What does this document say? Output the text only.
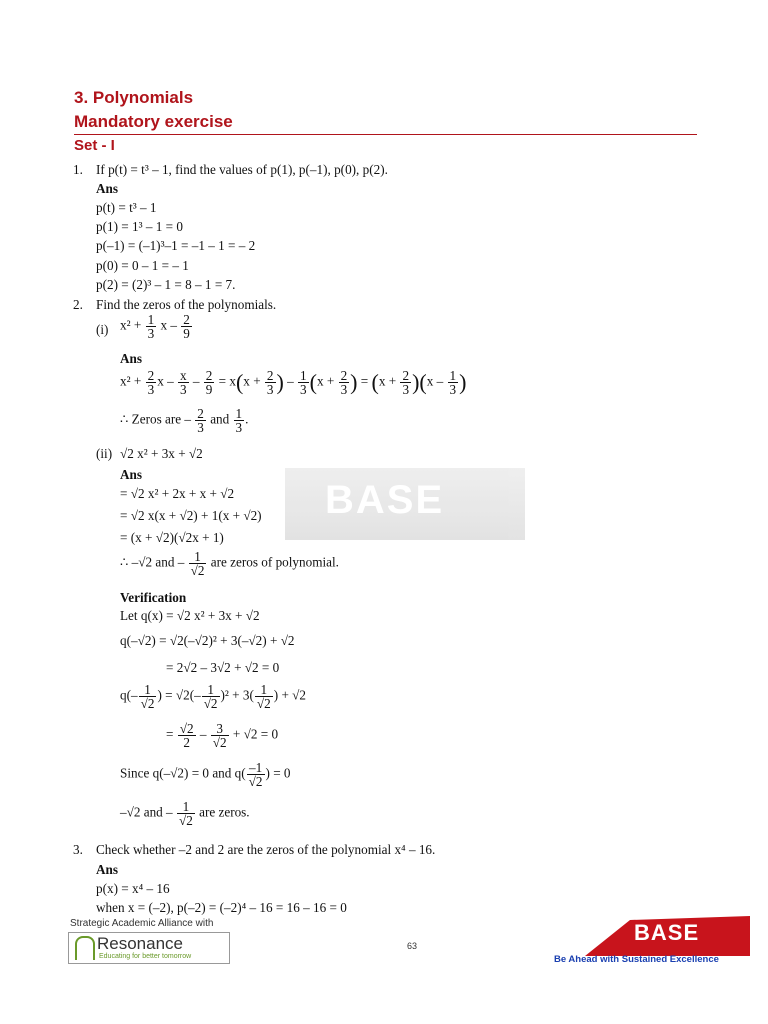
3. Polynomials
Mandatory exercise
Set - I
1. If p(t) = t³ – 1, find the values of p(1), p(–1), p(0), p(2).
Ans
p(t) = t³ – 1
p(1) = 1³ – 1 = 0
p(–1) = (–1)³–1 = –1 – 1 = – 2
p(0) = 0 – 1 = – 1
p(2) = (2)³ – 1 = 8 – 1 = 7.
2. Find the zeros of the polynomials.
(i) $x^2 + \frac{1}{3}$ x – $\frac{2}{9}$
Ans
$x^2 + \frac{2}{3}$ $x - \frac{x}{3} - \frac{2}{9} = x(x + \frac{2}{3}$ ) – $\frac{1}{3} (x + \frac{2}{3}$ ) = $(x + \frac{2}{3} )(x - \frac{1}{3}$ )
∴ Zeros are – $\frac{2}{3}$ and $\frac{1}{3}$ .
(ii) √2 x² + 3x + √2
Ans
BASE
= √2 x² + 2x + x + √2
= √2 x(x + √2) + 1(x + √2)
= (x + √2)(√2x + 1)
∴ –√2 and – $\frac{1}{√2}$ are zeros of polynomial.
Verification
Let q(x) = √2 x² + 3x + √2
q(–√2) = √2(–√2)² + 3(–√2) + √2
= 2√2 – 3√2 + √2 = 0
$q(- \frac{1}{√2}$ ) = $√2(- \frac{1}{√2} )^2 + 3( \frac{1}{√2}$ ) + √2
= $\frac{√2}{2} - \frac{3}{√2} + √2 = 0$
Since q(–√2) = 0 and $q( \frac{-1}{√2}$ ) = 0
–√2 and – $\frac{1}{√2}$ are zeros.
3. Check whether –2 and 2 are the zeros of the polynomial x⁴ – 16.
Ans
p(x) = x⁴ – 16
when x = (–2), p(–2) = (–2)⁴ – 16 = 16 – 16 = 0
Strategic Academic Alliance with
Resonance
Educating for better tomorrow
63
BASE
Be Ahead with Sustained Excellence
